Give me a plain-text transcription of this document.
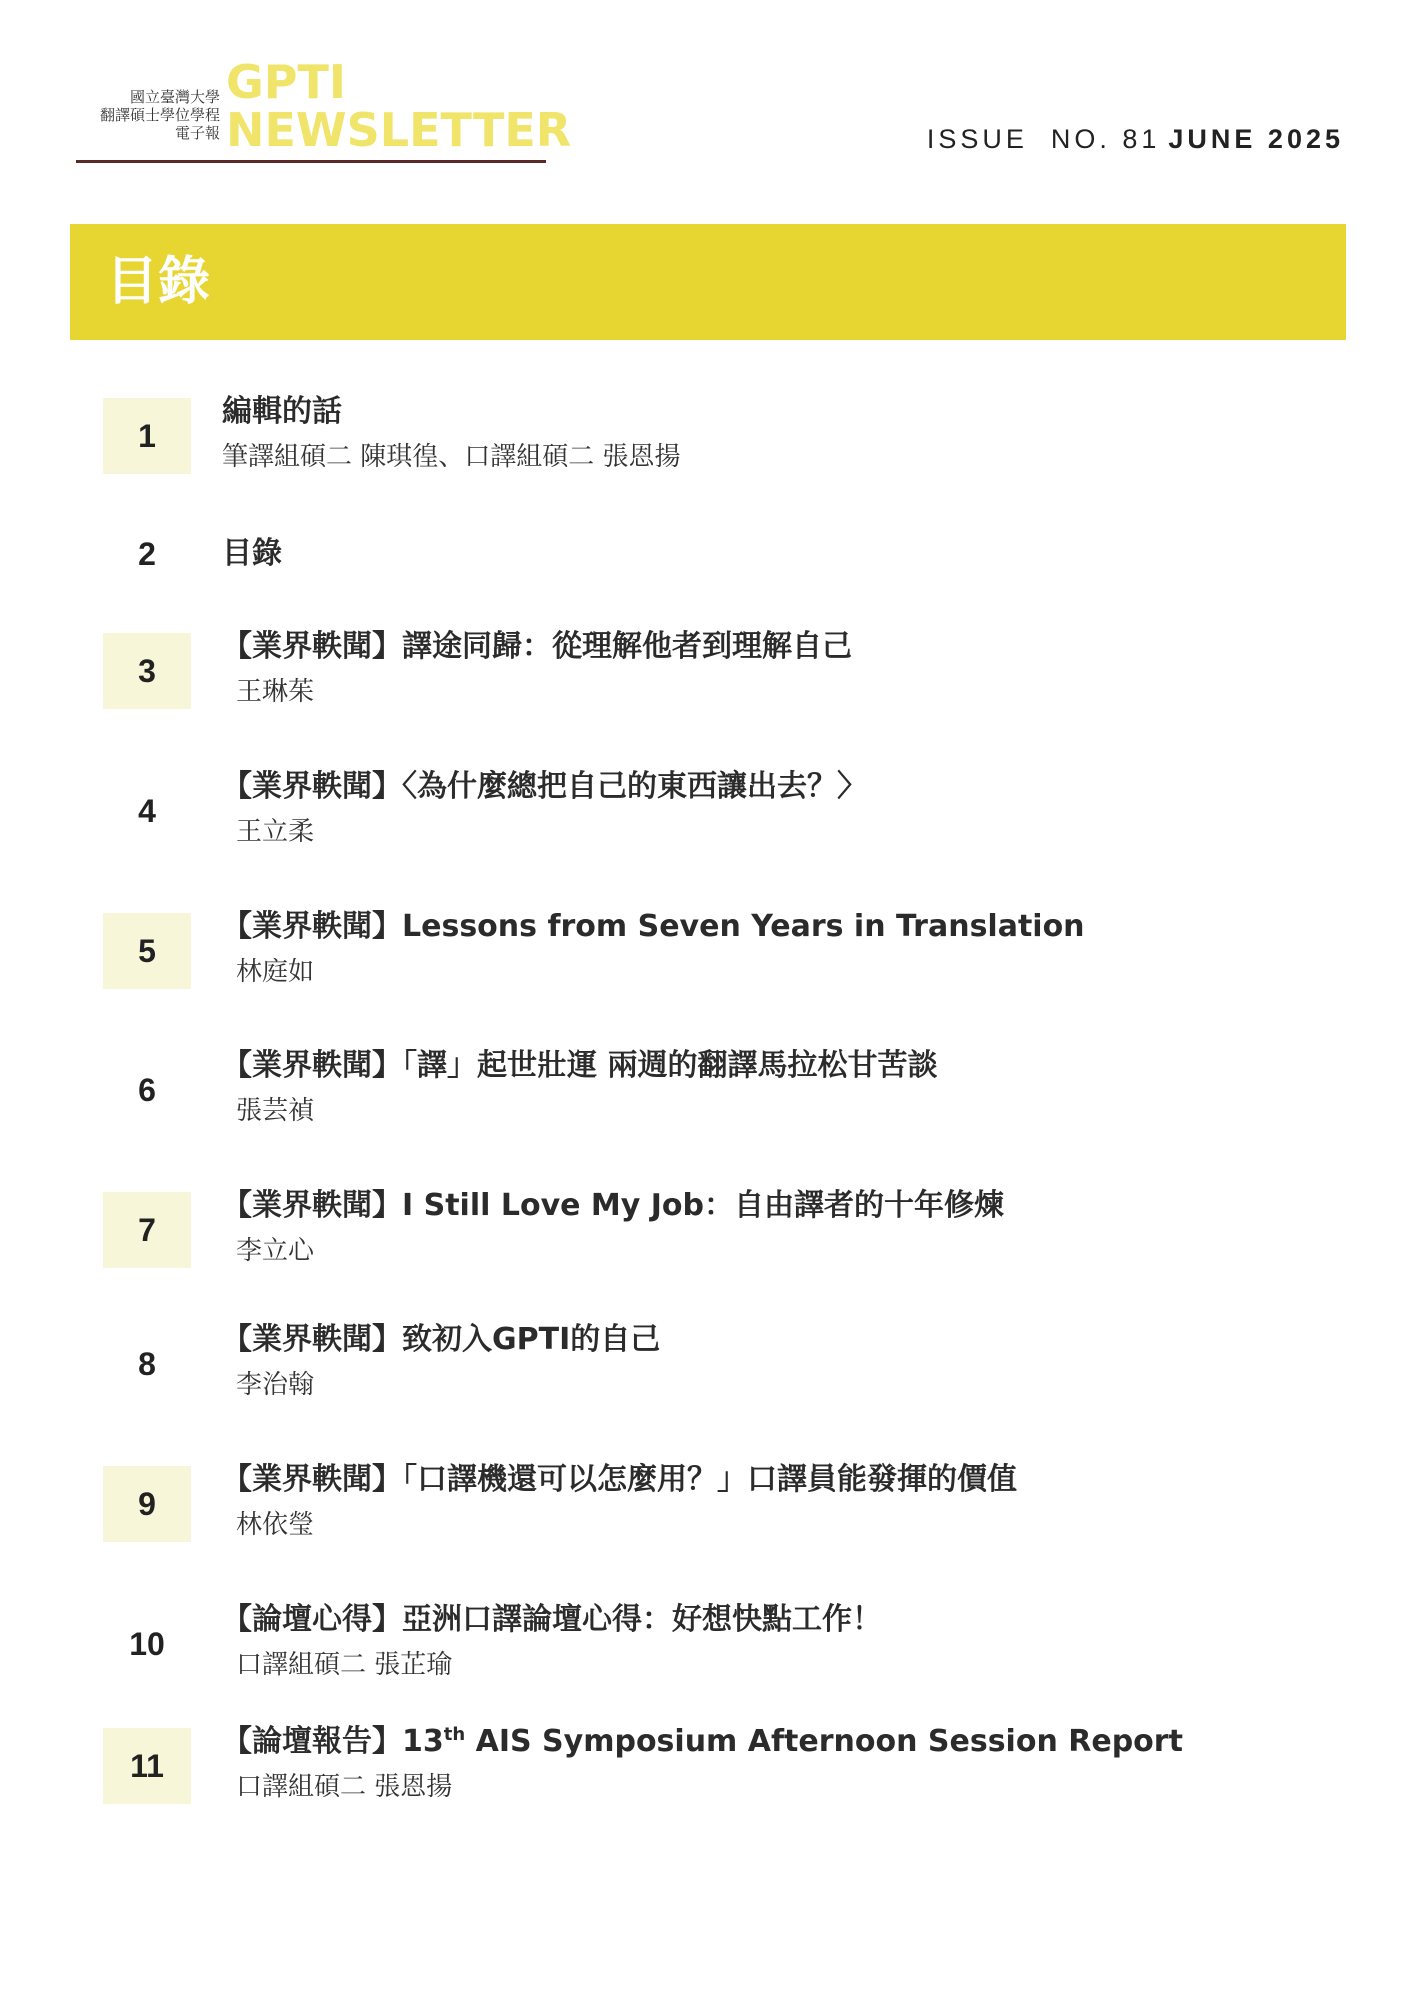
國立臺灣大學
翻譯碩士學位學程
電子報
GPTI
NEWSLETTER	ISSUE  NO. 81 JUNE 2025
目錄
1
編輯的話
筆譯組碩二 陳琪徨、口譯組碩二 張恩揚
2	目錄
3
【業界軼聞】譯途同歸：從理解他者到理解自己
王琳茱
4
【業界軼聞】〈為什麼總把自己的東西讓出去？〉
王立柔
5
【業界軼聞】Lessons from Seven Years in Translation
林庭如
6
【業界軼聞】「譯」起世壯運 兩週的翻譯馬拉松甘苦談
張芸禎
7
【業界軼聞】I Still Love My Job：自由譯者的十年修煉
李立心
8
【業界軼聞】致初入GPTI的自己
李治翰
9
【業界軼聞】「口譯機還可以怎麼用？」口譯員能發揮的價值
林依瑩
10
【論壇心得】亞洲口譯論壇心得：好想快點工作！
口譯組碩二 張芷瑜
11
【論壇報告】13th AIS Symposium Afternoon Session Report
口譯組碩二 張恩揚
